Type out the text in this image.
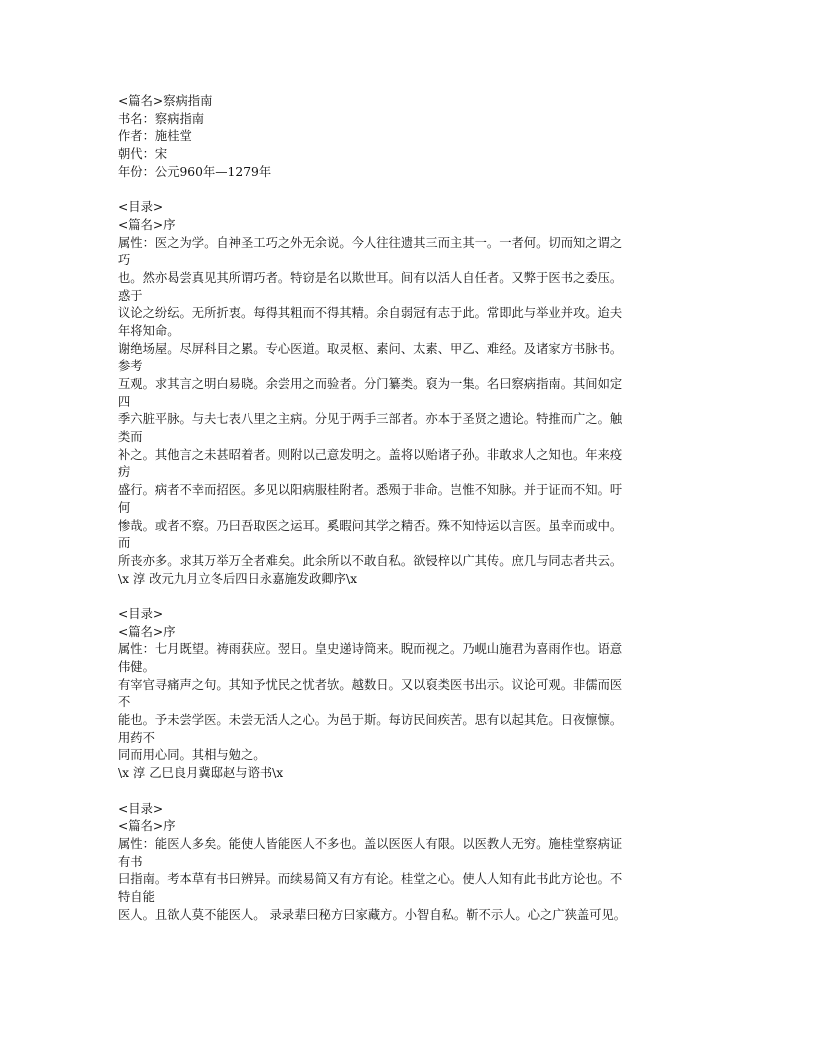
<篇名>察病指南
书名：察病指南
作者：施桂堂
朝代：宋
年份：公元960年—1279年
<目录>
<篇名>序
属性：医之为学。自神圣工巧之外无余说。今人往往遗其三而主其一。一者何。切而知之谓之
巧
也。然亦曷尝真见其所谓巧者。特窃是名以欺世耳。间有以活人自任者。又弊于医书之委压。
惑于
议论之纷纭。无所折衷。每得其粗而不得其精。余自弱冠有志于此。常即此与举业并攻。迨夫
年将知命。
谢绝场屋。尽屏科目之累。专心医道。取灵枢、素问、太素、甲乙、难经。及诸家方书脉书。
参考
互观。求其言之明白易晓。余尝用之而验者。分门纂类。裒为一集。名曰察病指南。其间如定
四
季六脏平脉。与夫七表八里之主病。分见于两手三部者。亦本于圣贤之遗论。特推而广之。触
类而
补之。其他言之未甚昭着者。则附以己意发明之。盖将以贻诸子孙。非敢求人之知也。年来疫
疠
盛行。病者不幸而招医。多见以阳病服桂附者。悉殒于非命。岂惟不知脉。并于证而不知。吁
何
惨哉。或者不察。乃曰吾取医之运耳。奚暇问其学之精否。殊不知恃运以言医。虽幸而或中。
而
所丧亦多。求其万举万全者难矣。此余所以不敢自私。欲锓梓以广其传。庶几与同志者共云。
\x 淳 改元九月立冬后四日永嘉施发政卿序\x
<目录>
<篇名>序
属性：七月既望。祷雨获应。翌日。皇史递诗筒来。睨而视之。乃岘山施君为喜雨作也。语意
伟健。
有宰官寻痛声之句。其知予忧民之忧者欤。越数日。又以裒类医书出示。议论可观。非儒而医
不
能也。予未尝学医。未尝无活人之心。为邑于斯。每访民间疾苦。思有以起其危。日夜懔懔。
用药不
同而用心同。其相与勉之。
\x 淳 乙巳良月冀邸赵与谘书\x
<目录>
<篇名>序
属性：能医人多矣。能使人皆能医人不多也。盖以医医人有限。以医教人无穷。施桂堂察病证
有书
曰指南。考本草有书曰辨异。而续易简又有方有论。桂堂之心。使人人知有此书此方论也。不
特自能
医人。且欲人莫不能医人。 录录辈曰秘方曰家藏方。小智自私。靳不示人。心之广狭盖可见。
